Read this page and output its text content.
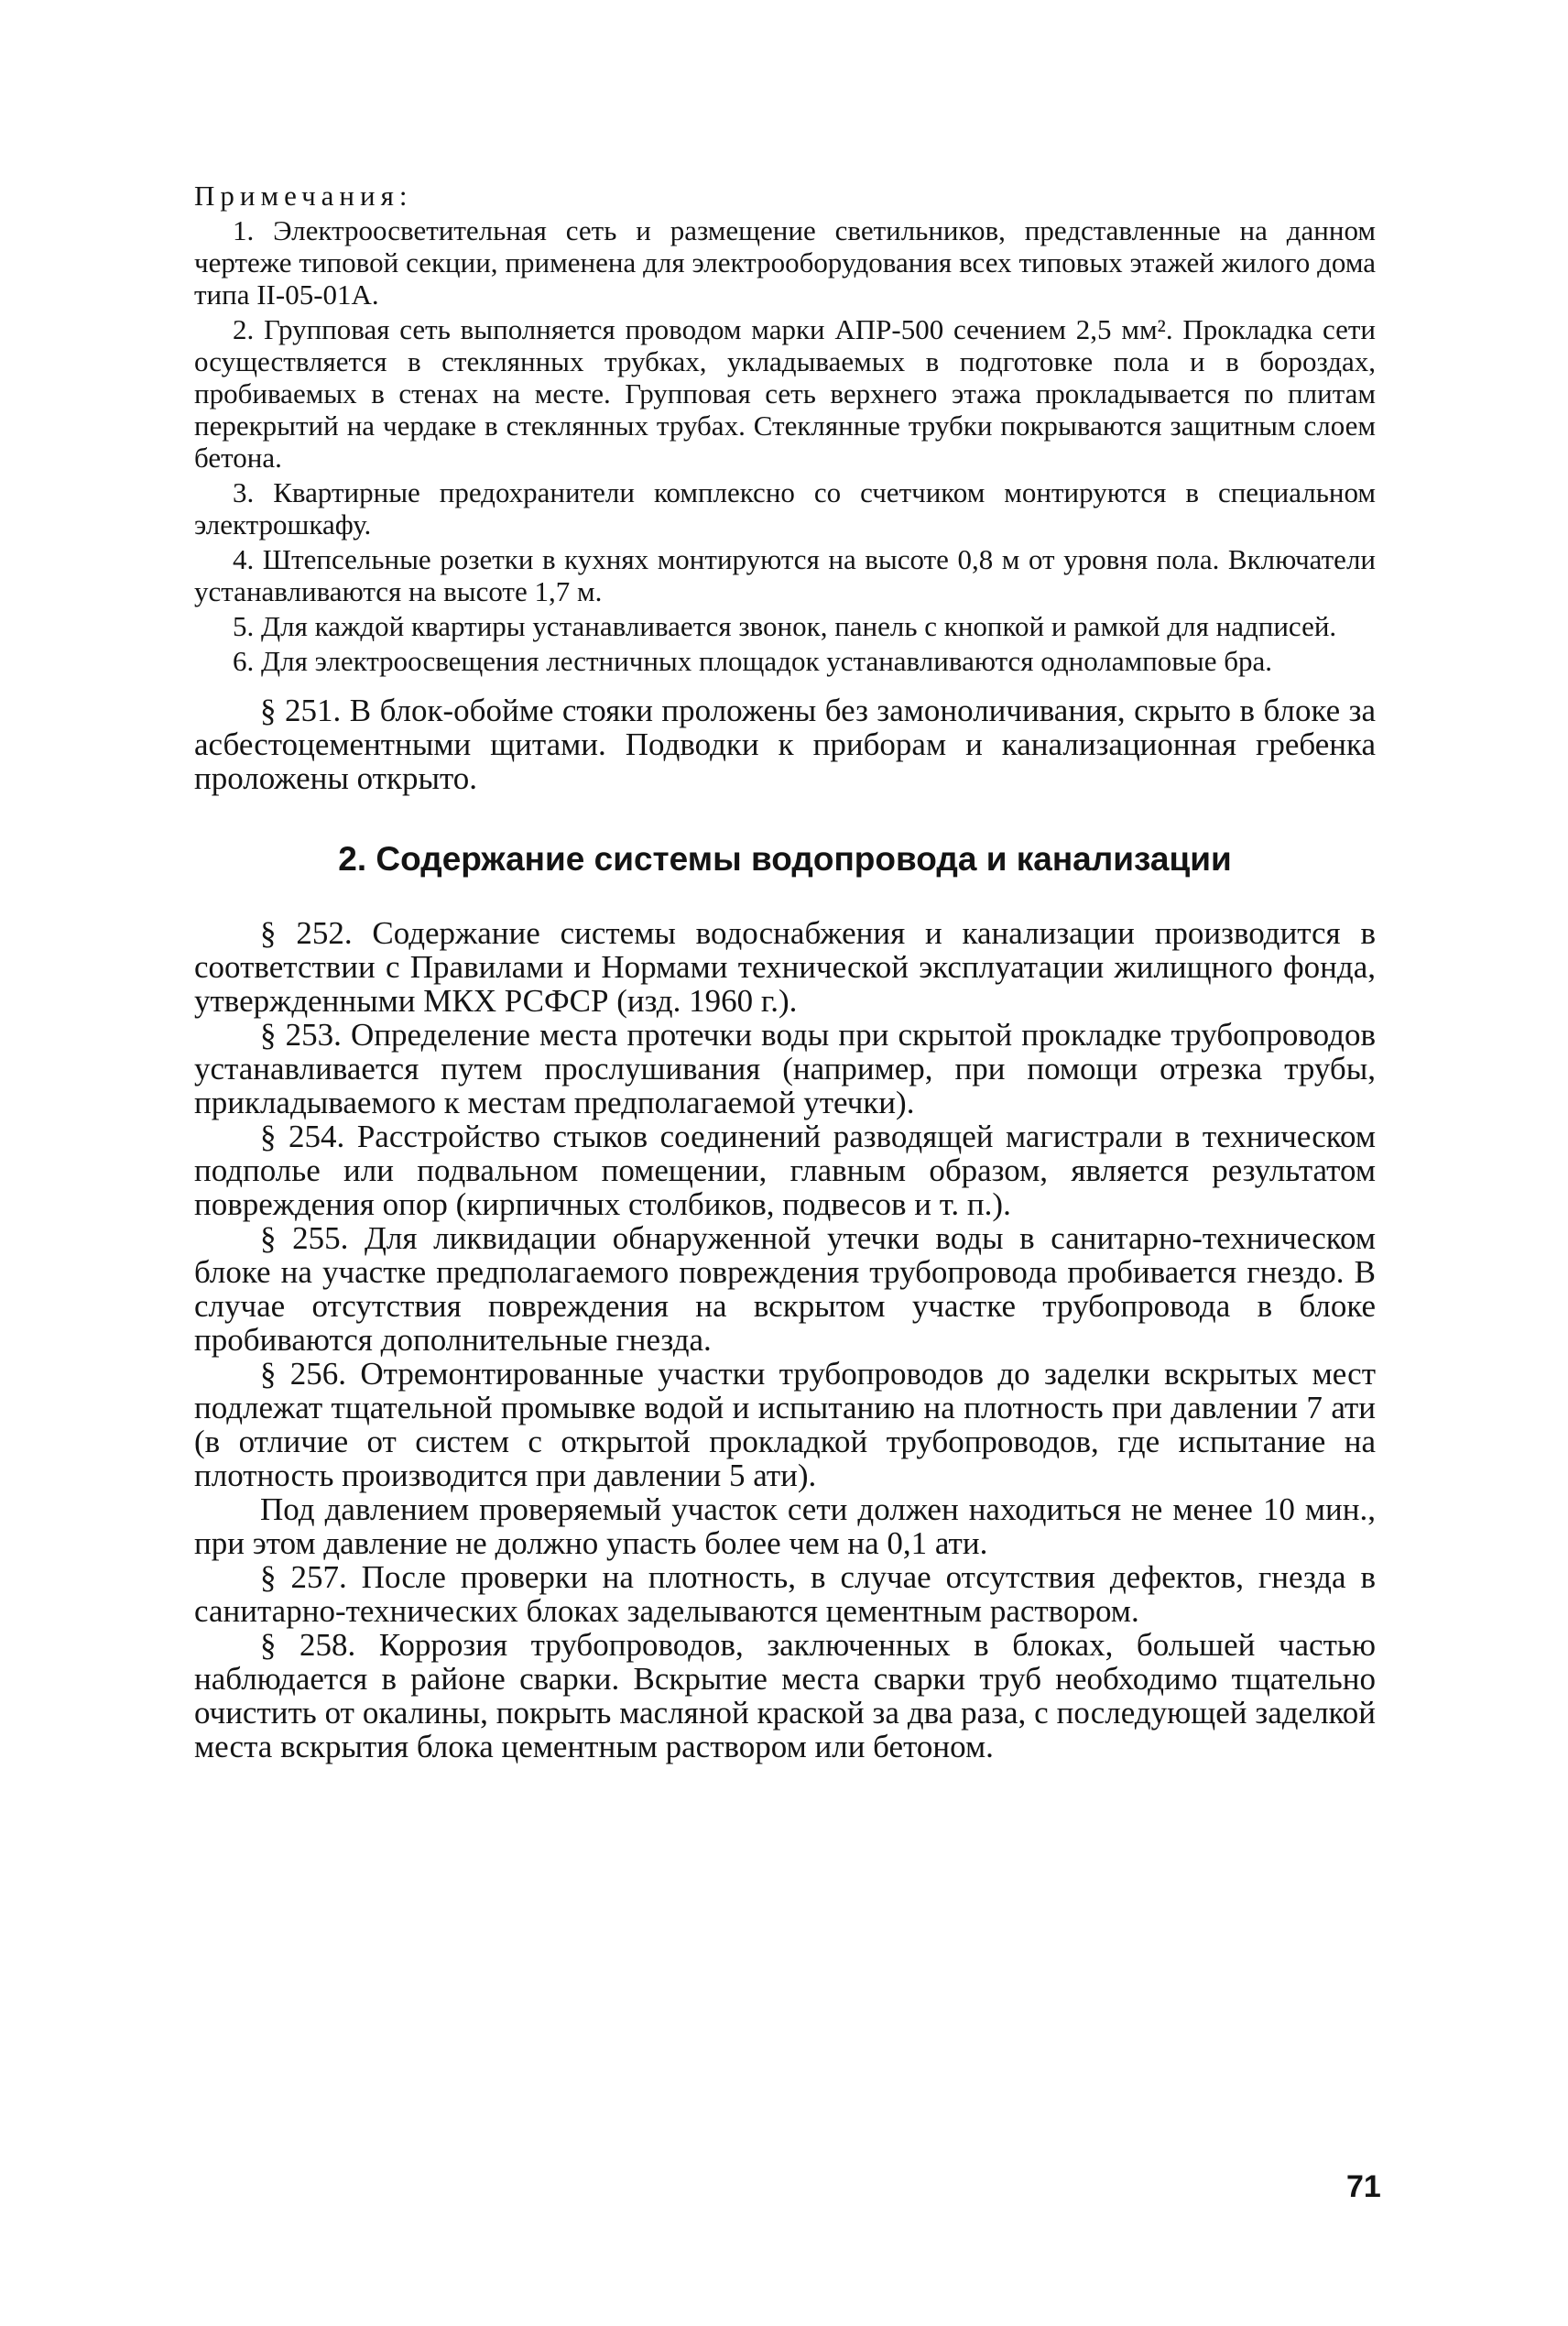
Примечания:

1. Электроосветительная сеть и размещение светильников, представленные на данном чертеже типовой секции, применена для электрооборудования всех типовых этажей жилого дома типа II-05-01А.

2. Групповая сеть выполняется проводом марки АПР-500 сечением 2,5 мм². Прокладка сети осуществляется в стеклянных трубках, укладываемых в подготовке пола и в бороздах, пробиваемых в стенах на месте. Групповая сеть верхнего этажа прокладывается по плитам перекрытий на чердаке в стеклянных трубах. Стеклянные трубки покрываются защитным слоем бетона.

3. Квартирные предохранители комплексно со счетчиком монтируются в специальном электрошкафу.

4. Штепсельные розетки в кухнях монтируются на высоте 0,8 м от уровня пола. Включатели устанавливаются на высоте 1,7 м.

5. Для каждой квартиры устанавливается звонок, панель с кнопкой и рамкой для надписей.

6. Для электроосвещения лестничных площадок устанавливаются одноламповые бра.

§ 251. В блок-обойме стояки проложены без замоноличивания, скрыто в блоке за асбестоцементными щитами. Подводки к приборам и канализационная гребенка проложены открыто.

2. Содержание системы водопровода и канализации

§ 252. Содержание системы водоснабжения и канализации производится в соответствии с Правилами и Нормами технической эксплуатации жилищного фонда, утвержденными МКХ РСФСР (изд. 1960 г.).

§ 253. Определение места протечки воды при скрытой прокладке трубопроводов устанавливается путем прослушивания (например, при помощи отрезка трубы, прикладываемого к местам предполагаемой утечки).

§ 254. Расстройство стыков соединений разводящей магистрали в техническом подполье или подвальном помещении, главным образом, является результатом повреждения опор (кирпичных столбиков, подвесов и т. п.).

§ 255. Для ликвидации обнаруженной утечки воды в санитарно-техническом блоке на участке предполагаемого повреждения трубопровода пробивается гнездо. В случае отсутствия повреждения на вскрытом участке трубопровода в блоке пробиваются дополнительные гнезда.

§ 256. Отремонтированные участки трубопроводов до заделки вскрытых мест подлежат тщательной промывке водой и испытанию на плотность при давлении 7 ати (в отличие от систем с открытой прокладкой трубопроводов, где испытание на плотность производится при давлении 5 ати).

Под давлением проверяемый участок сети должен находиться не менее 10 мин., при этом давление не должно упасть более чем на 0,1 ати.

§ 257. После проверки на плотность, в случае отсутствия дефектов, гнезда в санитарно-технических блоках заделываются цементным раствором.

§ 258. Коррозия трубопроводов, заключенных в блоках, большей частью наблюдается в районе сварки. Вскрытие места сварки труб необходимо тщательно очистить от окалины, покрыть масляной краской за два раза, с последующей заделкой места вскрытия блока цементным раствором или бетоном.

71
